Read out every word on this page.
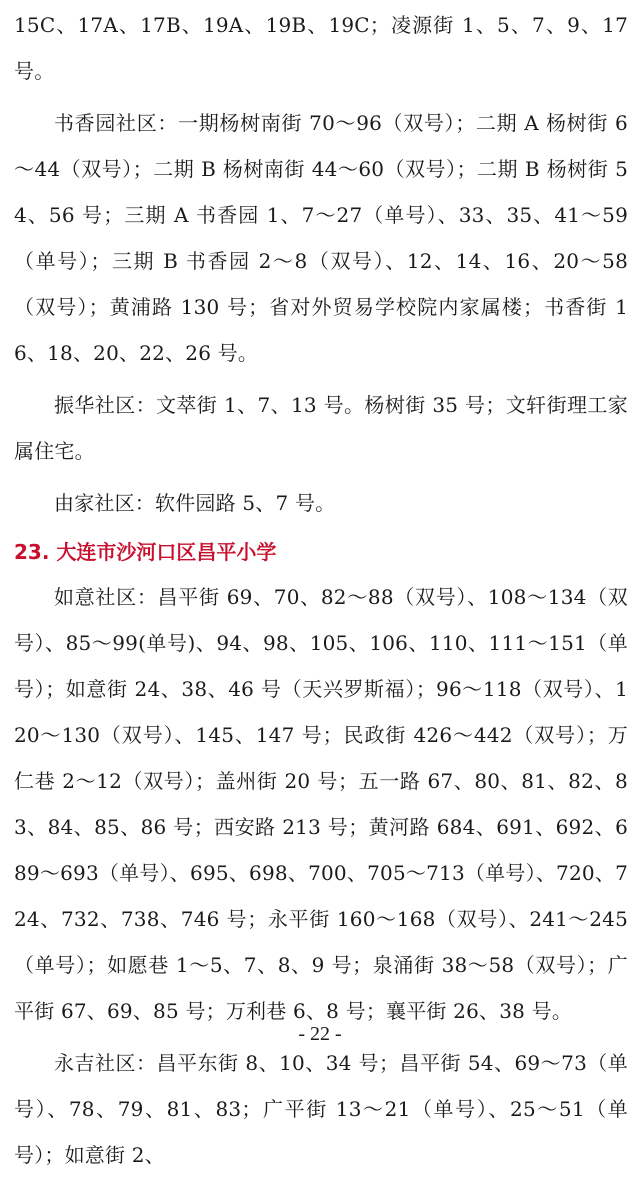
15C、17A、17B、19A、19B、19C；凌源街 1、5、7、9、17 号。

书香园社区：一期杨树南街 70～96（双号）；二期 A 杨树街 6～44（双号）；二期 B 杨树南街 44～60（双号）；二期 B 杨树街 54、56 号；三期 A 书香园 1、7～27（单号）、33、35、41～59（单号）；三期 B 书香园 2～8（双号）、12、14、16、20～58（双号）；黄浦路 130 号；省对外贸易学校院内家属楼；书香街 16、18、20、22、26 号。

振华社区：文萃街 1、7、13 号。杨树街 35 号；文轩街理工家属住宅。

由家社区：软件园路 5、7 号。

23. 大连市沙河口区昌平小学

如意社区：昌平街 69、70、82～88（双号）、108～134（双号）、85～99(单号)、94、98、105、106、110、111～151（单号）；如意街 24、38、46 号（天兴罗斯福）；96～118（双号）、120～130（双号）、145、147 号；民政街 426～442（双号）；万仁巷 2～12（双号）；盖州街 20 号；五一路 67、80、81、82、83、84、85、86 号；西安路 213 号；黄河路 684、691、692、689～693（单号）、695、698、700、705～713（单号）、720、724、732、738、746 号；永平街 160～168（双号）、241～245（单号）；如愿巷 1～5、7、8、9 号；泉涌街 38～58（双号）；广平街 67、69、85 号；万利巷 6、8 号；襄平街 26、38 号。

永吉社区：昌平东街 8、10、34 号；昌平街 54、69～73（单号）、78、79、81、83；广平街 13～21（单号）、25～51（单号）；如意街 2、

- 22 -
